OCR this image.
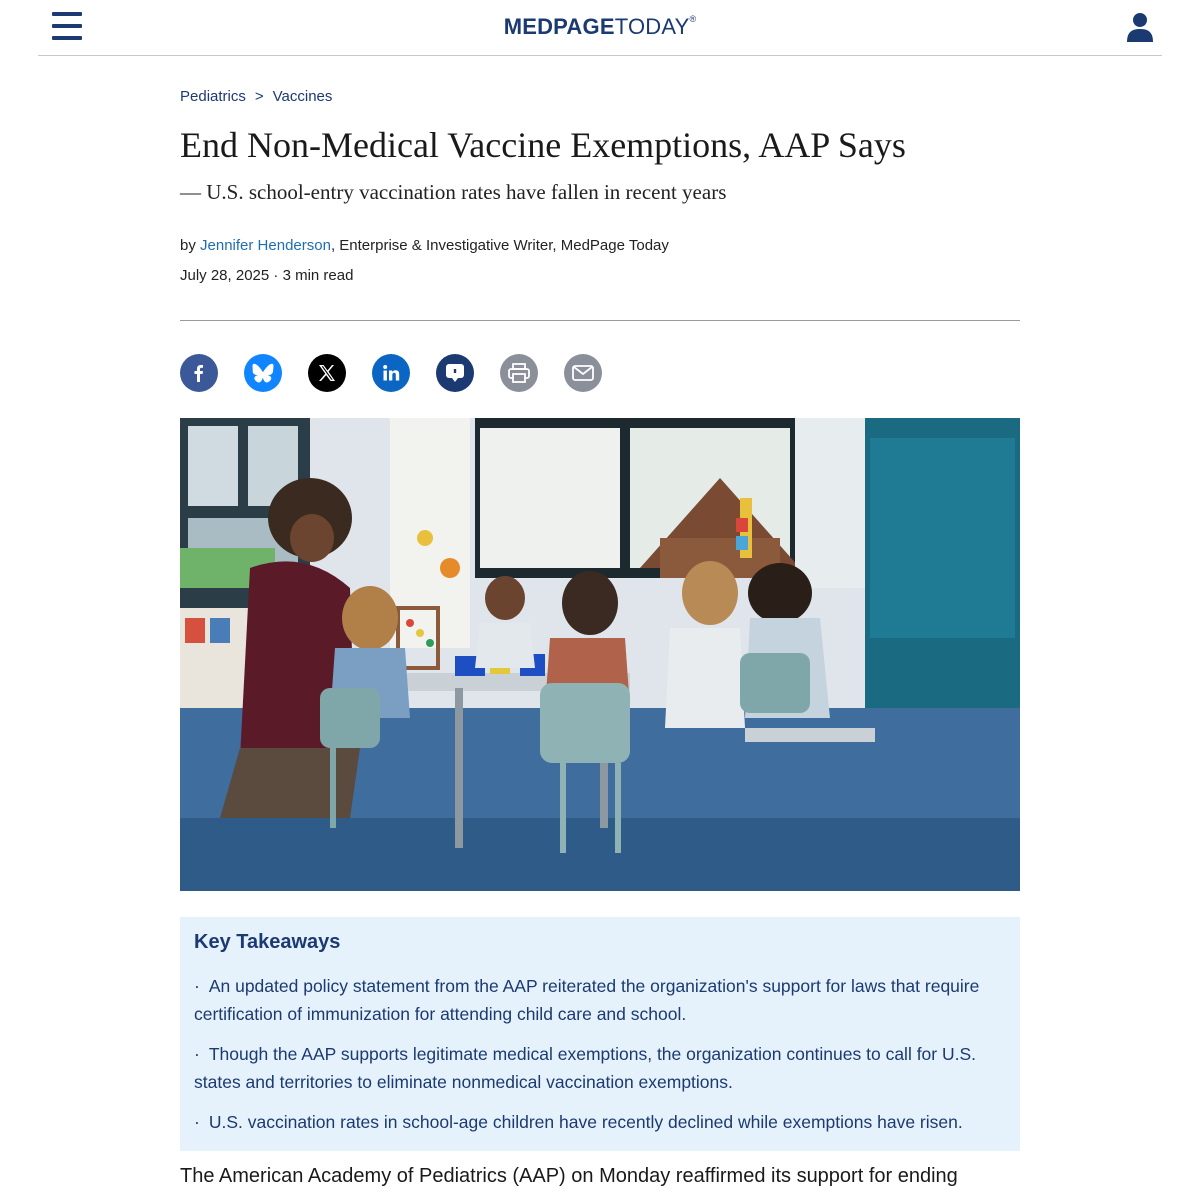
MEDPAGETODAY®
Pediatrics > Vaccines
End Non-Medical Vaccine Exemptions, AAP Says
— U.S. school-entry vaccination rates have fallen in recent years
by Jennifer Henderson, Enterprise & Investigative Writer, MedPage Today
July 28, 2025 · 3 min read
Key Takeaways
· An updated policy statement from the AAP reiterated the organization's support for laws that require certification of immunization for attending child care and school.
· Though the AAP supports legitimate medical exemptions, the organization continues to call for U.S. states and territories to eliminate nonmedical vaccination exemptions.
· U.S. vaccination rates in school-age children have recently declined while exemptions have risen.

The American Academy of Pediatrics (AAP) on Monday reaffirmed its support for ending
